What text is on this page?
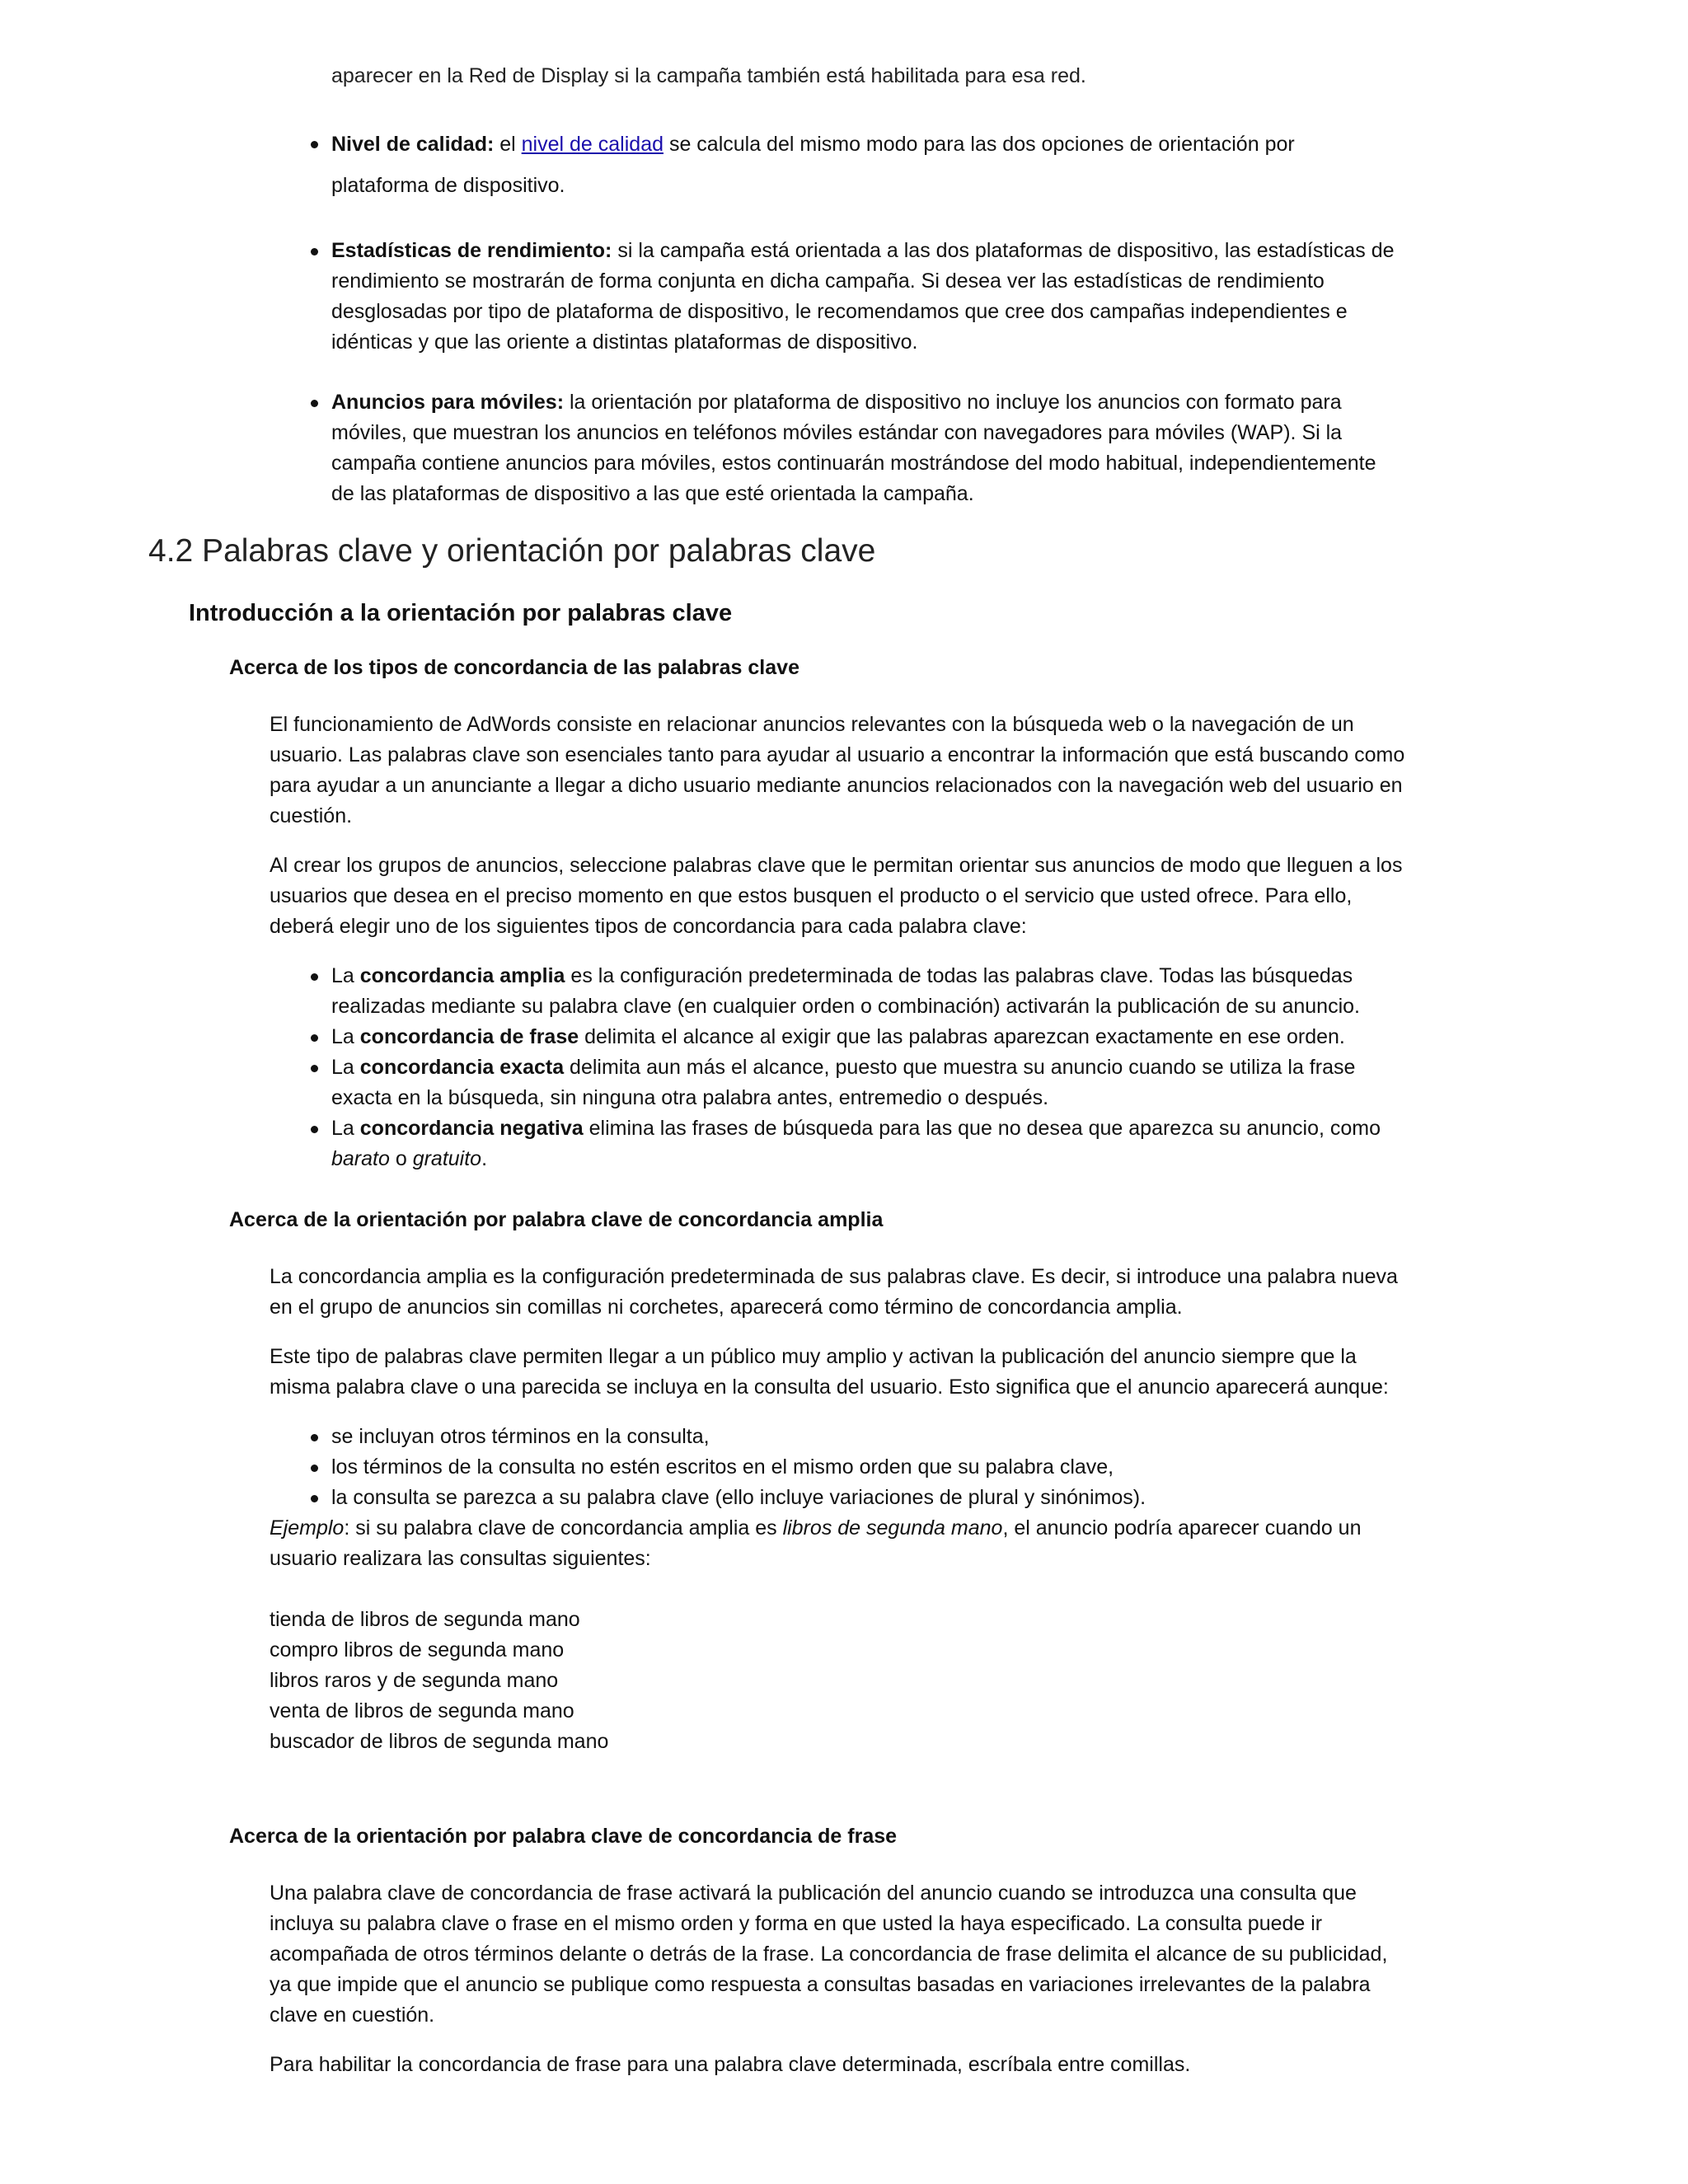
aparecer en la Red de Display si la campaña también está habilitada para esa red.
Nivel de calidad: el nivel de calidad se calcula del mismo modo para las dos opciones de orientación por plataforma de dispositivo.
Estadísticas de rendimiento: si la campaña está orientada a las dos plataformas de dispositivo, las estadísticas de rendimiento se mostrarán de forma conjunta en dicha campaña. Si desea ver las estadísticas de rendimiento desglosadas por tipo de plataforma de dispositivo, le recomendamos que cree dos campañas independientes e idénticas y que las oriente a distintas plataformas de dispositivo.
Anuncios para móviles: la orientación por plataforma de dispositivo no incluye los anuncios con formato para móviles, que muestran los anuncios en teléfonos móviles estándar con navegadores para móviles (WAP). Si la campaña contiene anuncios para móviles, estos continuarán mostrándose del modo habitual, independientemente de las plataformas de dispositivo a las que esté orientada la campaña.
4.2 Palabras clave y orientación por palabras clave
Introducción a la orientación por palabras clave
Acerca de los tipos de concordancia de las palabras clave

El funcionamiento de AdWords consiste en relacionar anuncios relevantes con la búsqueda web o la navegación de un usuario. Las palabras clave son esenciales tanto para ayudar al usuario a encontrar la información que está buscando como para ayudar a un anunciante a llegar a dicho usuario mediante anuncios relacionados con la navegación web del usuario en cuestión.

Al crear los grupos de anuncios, seleccione palabras clave que le permitan orientar sus anuncios de modo que lleguen a los usuarios que desea en el preciso momento en que estos busquen el producto o el servicio que usted ofrece. Para ello, deberá elegir uno de los siguientes tipos de concordancia para cada palabra clave:

La concordancia amplia es la configuración predeterminada de todas las palabras clave. Todas las búsquedas realizadas mediante su palabra clave (en cualquier orden o combinación) activarán la publicación de su anuncio.
La concordancia de frase delimita el alcance al exigir que las palabras aparezcan exactamente en ese orden.
La concordancia exacta delimita aun más el alcance, puesto que muestra su anuncio cuando se utiliza la frase exacta en la búsqueda, sin ninguna otra palabra antes, entremedio o después.
La concordancia negativa elimina las frases de búsqueda para las que no desea que aparezca su anuncio, como barato o gratuito.
Acerca de la orientación por palabra clave de concordancia amplia

La concordancia amplia es la configuración predeterminada de sus palabras clave. Es decir, si introduce una palabra nueva en el grupo de anuncios sin comillas ni corchetes, aparecerá como término de concordancia amplia.

Este tipo de palabras clave permiten llegar a un público muy amplio y activan la publicación del anuncio siempre que la misma palabra clave o una parecida se incluya en la consulta del usuario. Esto significa que el anuncio aparecerá aunque:

se incluyan otros términos en la consulta,
los términos de la consulta no estén escritos en el mismo orden que su palabra clave,
la consulta se parezca a su palabra clave (ello incluye variaciones de plural y sinónimos).

Ejemplo: si su palabra clave de concordancia amplia es libros de segunda mano, el anuncio podría aparecer cuando un usuario realizara las consultas siguientes:

tienda de libros de segunda mano

compro libros de segunda mano

libros raros y de segunda mano

venta de libros de segunda mano

buscador de libros de segunda mano

Acerca de la orientación por palabra clave de concordancia de frase

Una palabra clave de concordancia de frase activará la publicación del anuncio cuando se introduzca una consulta que incluya su palabra clave o frase en el mismo orden y forma en que usted la haya especificado. La consulta puede ir acompañada de otros términos delante o detrás de la frase. La concordancia de frase delimita el alcance de su publicidad, ya que impide que el anuncio se publique como respuesta a consultas basadas en variaciones irrelevantes de la palabra clave en cuestión.

Para habilitar la concordancia de frase para una palabra clave determinada, escríbala entre comillas.
